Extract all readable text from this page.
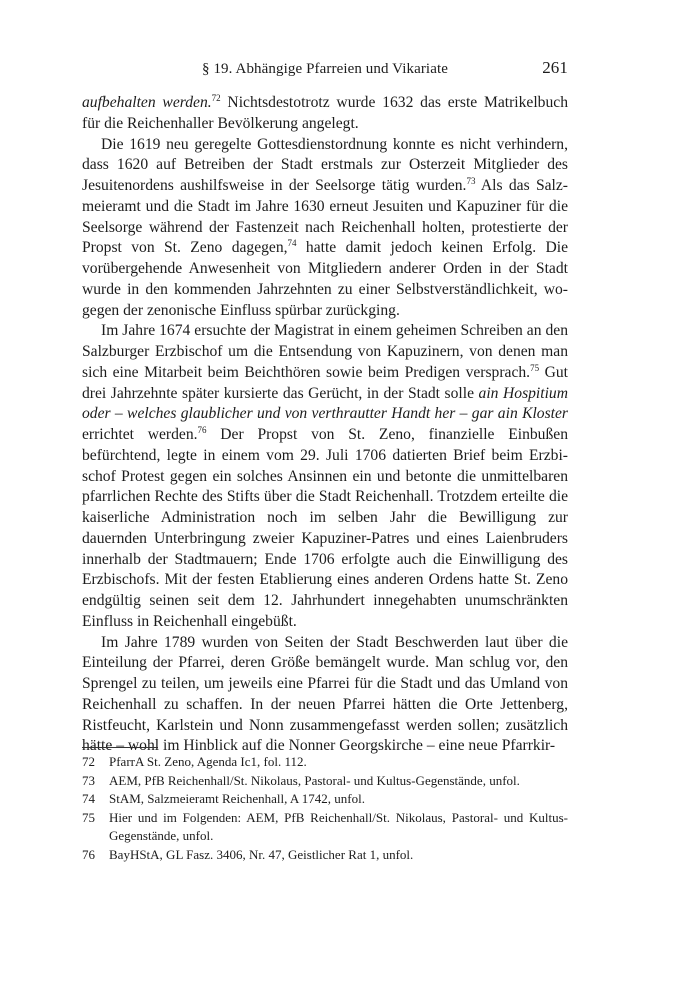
§ 19. Abhängige Pfarreien und Vikariate	261

aufbehalten werden.$^{72}$ Nichtsdestotrotz wurde 1632 das erste Matrikelbuch für die Reichenhaller Bevölkerung angelegt.

Die 1619 neu geregelte Gottesdienstordnung konnte es nicht verhindern, dass 1620 auf Betreiben der Stadt erstmals zur Osterzeit Mitglieder des Jesuitenordens aushilfsweise in der Seelsorge tätig wurden.$^{73}$ Als das Salzmeieramt und die Stadt im Jahre 1630 erneut Jesuiten und Kapuziner für die Seelsorge während der Fastenzeit nach Reichenhall holten, protestierte der Propst von St. Zeno dagegen,$^{74}$ hatte damit jedoch keinen Erfolg. Die vorübergehende Anwesenheit von Mitgliedern anderer Orden in der Stadt wurde in den kommenden Jahrzehnten zu einer Selbstverständlichkeit, wogegen der zenonische Einfluss spürbar zurückging.

Im Jahre 1674 ersuchte der Magistrat in einem geheimen Schreiben an den Salzburger Erzbischof um die Entsendung von Kapuzinern, von denen man sich eine Mitarbeit beim Beichthören sowie beim Predigen versprach.$^{75}$ Gut drei Jahrzehnte später kursierte das Gerücht, in der Stadt solle ain Hospitium oder – welches glaublicher und von verthrautter Handt her – gar ain Kloster errichtet werden.$^{76}$ Der Propst von St. Zeno, finanzielle Einbußen befürchtend, legte in einem vom 29. Juli 1706 datierten Brief beim Erzbischof Protest gegen ein solches Ansinnen ein und betonte die unmittelbaren pfarrlichen Rechte des Stifts über die Stadt Reichenhall. Trotzdem erteilte die kaiserliche Administration noch im selben Jahr die Bewilligung zur dauernden Unterbringung zweier Kapuziner-Patres und eines Laienbruders innerhalb der Stadtmauern; Ende 1706 erfolgte auch die Einwilligung des Erzbischofs. Mit der festen Etablierung eines anderen Ordens hatte St. Zeno endgültig seinen seit dem 12. Jahrhundert innegehabten unumschränkten Einfluss in Reichenhall eingebüßt.

Im Jahre 1789 wurden von Seiten der Stadt Beschwerden laut über die Einteilung der Pfarrei, deren Größe bemängelt wurde. Man schlug vor, den Sprengel zu teilen, um jeweils eine Pfarrei für die Stadt und das Umland von Reichenhall zu schaffen. In der neuen Pfarrei hätten die Orte Jettenberg, Ristfeucht, Karlstein und Nonn zusammengefasst werden sollen; zusätzlich hätte – wohl im Hinblick auf die Nonner Georgskirche – eine neue Pfarrkir-

72 PfarrA St. Zeno, Agenda Ic1, fol. 112.
73 AEM, PfB Reichenhall/St. Nikolaus, Pastoral- und Kultus-Gegenstände, unfol.
74 StAM, Salzmeieramt Reichenhall, A 1742, unfol.
75 Hier und im Folgenden: AEM, PfB Reichenhall/St. Nikolaus, Pastoral- und Kultus-Gegenstände, unfol.
76 BayHStA, GL Fasz. 3406, Nr. 47, Geistlicher Rat 1, unfol.
